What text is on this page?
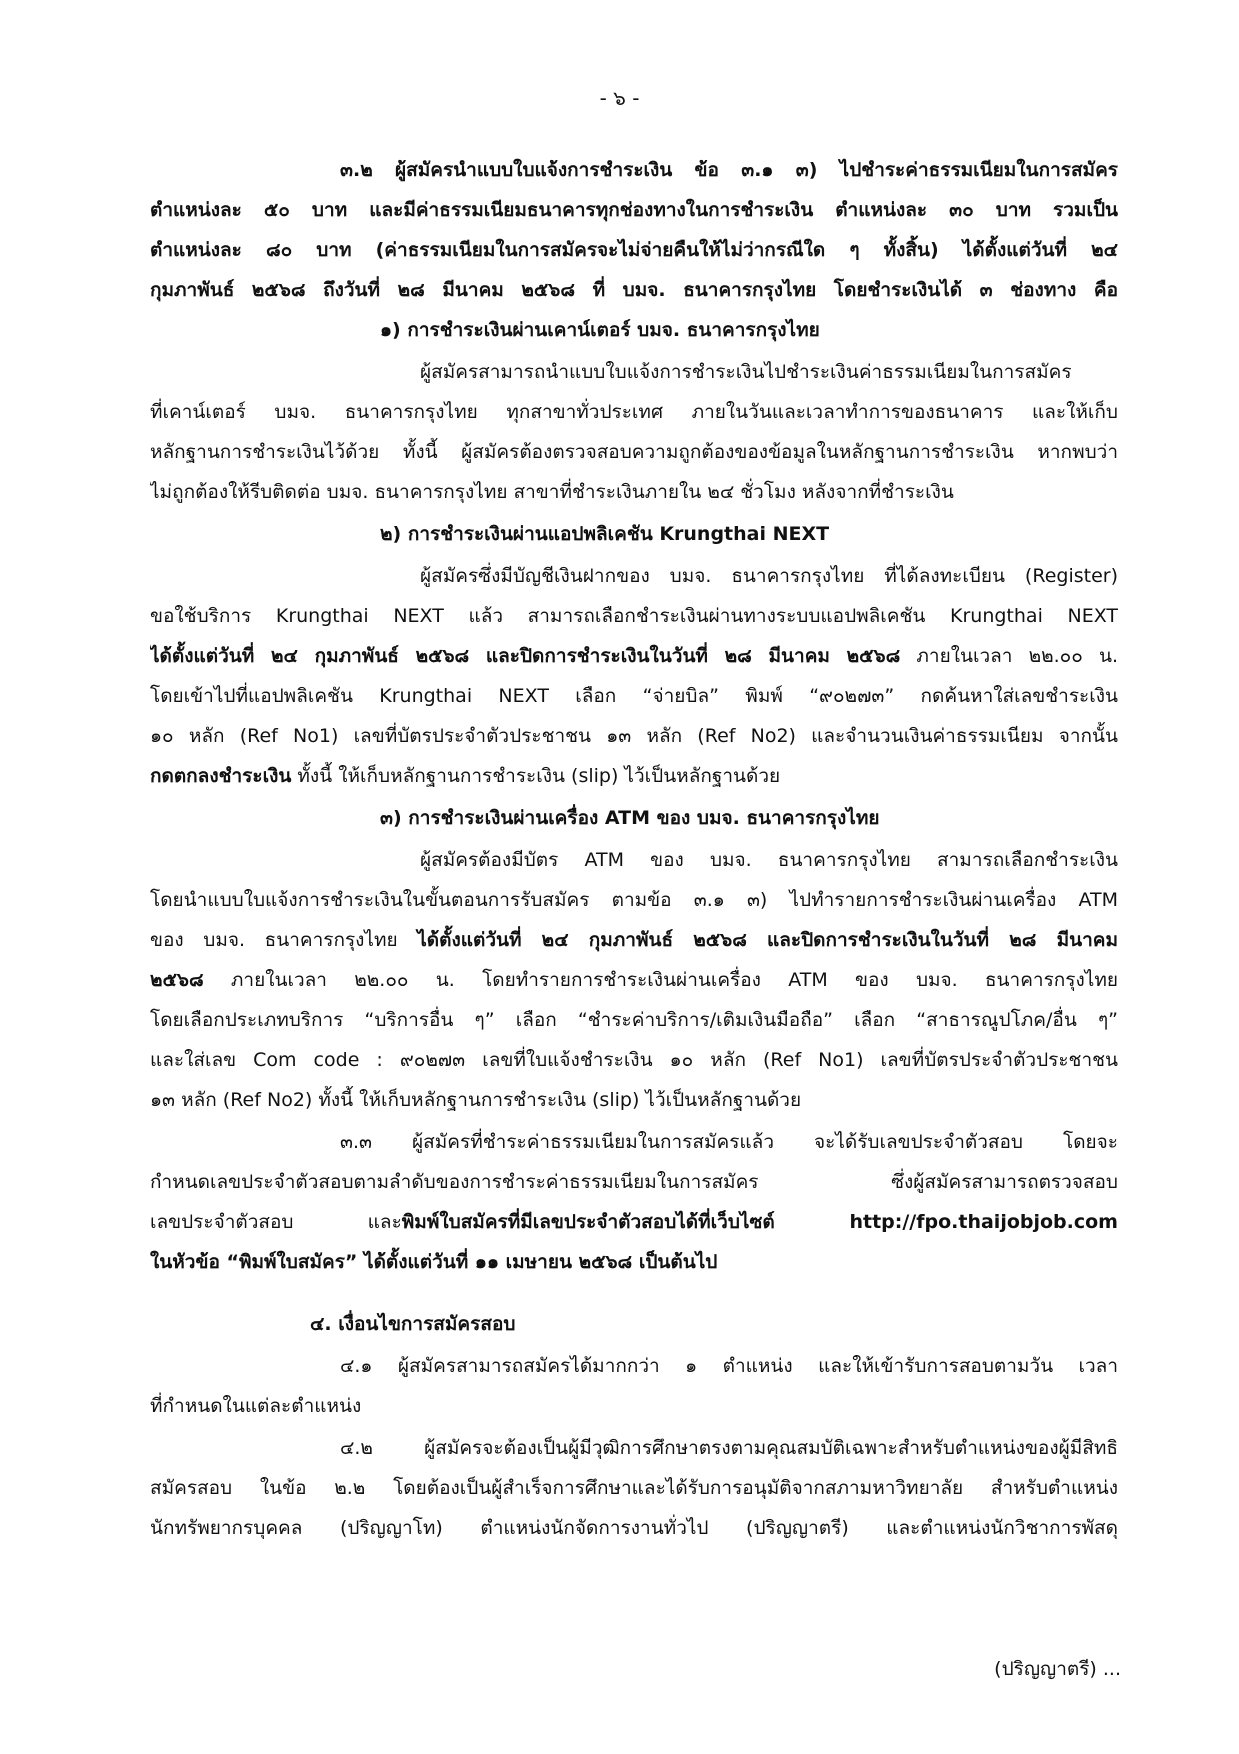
- ๖ -
๓.๒ ผู้สมัครนำแบบใบแจ้งการชำระเงิน ข้อ ๓.๑ ๓) ไปชำระค่าธรรมเนียมในการสมัคร
ตำแหน่งละ ๕๐ บาท และมีค่าธรรมเนียมธนาคารทุกช่องทางในการชำระเงิน ตำแหน่งละ ๓๐ บาท รวมเป็น
ตำแหน่งละ ๘๐ บาท (ค่าธรรมเนียมในการสมัครจะไม่จ่ายคืนให้ไม่ว่ากรณีใด ๆ ทั้งสิ้น) ได้ตั้งแต่วันที่ ๒๔
กุมภาพันธ์ ๒๕๖๘ ถึงวันที่ ๒๘ มีนาคม ๒๕๖๘ ที่ บมจ. ธนาคารกรุงไทย โดยชำระเงินได้ ๓ ช่องทาง คือ
๑) การชำระเงินผ่านเคาน์เตอร์ บมจ. ธนาคารกรุงไทย
ผู้สมัครสามารถนำแบบใบแจ้งการชำระเงินไปชำระเงินค่าธรรมเนียมในการสมัคร
ที่เคาน์เตอร์ บมจ. ธนาคารกรุงไทย ทุกสาขาทั่วประเทศ ภายในวันและเวลาทำการของธนาคาร และให้เก็บ
หลักฐานการชำระเงินไว้ด้วย ทั้งนี้ ผู้สมัครต้องตรวจสอบความถูกต้องของข้อมูลในหลักฐานการชำระเงิน หากพบว่า
ไม่ถูกต้องให้รีบติดต่อ บมจ. ธนาคารกรุงไทย สาขาที่ชำระเงินภายใน ๒๔ ชั่วโมง หลังจากที่ชำระเงิน
๒) การชำระเงินผ่านแอปพลิเคชัน Krungthai NEXT
ผู้สมัครซึ่งมีบัญชีเงินฝากของ บมจ. ธนาคารกรุงไทย ที่ได้ลงทะเบียน (Register)
ขอใช้บริการ Krungthai NEXT แล้ว สามารถเลือกชำระเงินผ่านทางระบบแอปพลิเคชัน Krungthai NEXT
ได้ตั้งแต่วันที่ ๒๔ กุมภาพันธ์ ๒๕๖๘ และปิดการชำระเงินในวันที่ ๒๘ มีนาคม ๒๕๖๘ ภายในเวลา ๒๒.๐๐ น.
โดยเข้าไปที่แอปพลิเคชัน Krungthai NEXT เลือก “จ่ายบิล” พิมพ์ “๙๐๒๗๓” กดค้นหาใส่เลขชำระเงิน
๑๐ หลัก (Ref No1) เลขที่บัตรประจำตัวประชาชน ๑๓ หลัก (Ref No2) และจำนวนเงินค่าธรรมเนียม จากนั้น
กดตกลงชำระเงิน ทั้งนี้ ให้เก็บหลักฐานการชำระเงิน (slip) ไว้เป็นหลักฐานด้วย
๓) การชำระเงินผ่านเครื่อง ATM ของ บมจ. ธนาคารกรุงไทย
ผู้สมัครต้องมีบัตร ATM ของ บมจ. ธนาคารกรุงไทย สามารถเลือกชำระเงิน
โดยนำแบบใบแจ้งการชำระเงินในขั้นตอนการรับสมัคร ตามข้อ ๓.๑ ๓) ไปทำรายการชำระเงินผ่านเครื่อง ATM
ของ บมจ. ธนาคารกรุงไทย ได้ตั้งแต่วันที่ ๒๔ กุมภาพันธ์ ๒๕๖๘ และปิดการชำระเงินในวันที่ ๒๘ มีนาคม
๒๕๖๘ ภายในเวลา ๒๒.๐๐ น. โดยทำรายการชำระเงินผ่านเครื่อง ATM ของ บมจ. ธนาคารกรุงไทย
โดยเลือกประเภทบริการ “บริการอื่น ๆ” เลือก “ชำระค่าบริการ/เติมเงินมือถือ” เลือก “สาธารณูปโภค/อื่น ๆ”
และใส่เลข Com code : ๙๐๒๗๓ เลขที่ใบแจ้งชำระเงิน ๑๐ หลัก (Ref No1) เลขที่บัตรประจำตัวประชาชน
๑๓ หลัก (Ref No2) ทั้งนี้ ให้เก็บหลักฐานการชำระเงิน (slip) ไว้เป็นหลักฐานด้วย
๓.๓ ผู้สมัครที่ชำระค่าธรรมเนียมในการสมัครแล้ว จะได้รับเลขประจำตัวสอบ โดยจะ
กำหนดเลขประจำตัวสอบตามลำดับของการชำระค่าธรรมเนียมในการสมัคร ซึ่งผู้สมัครสามารถตรวจสอบ
เลขประจำตัวสอบ และพิมพ์ใบสมัครที่มีเลขประจำตัวสอบได้ที่เว็บไซต์ http://fpo.thaijobjob.com
ในหัวข้อ “พิมพ์ใบสมัคร” ได้ตั้งแต่วันที่ ๑๑ เมษายน ๒๕๖๘ เป็นต้นไป
๔. เงื่อนไขการสมัครสอบ
๔.๑ ผู้สมัครสามารถสมัครได้มากกว่า ๑ ตำแหน่ง และให้เข้ารับการสอบตามวัน เวลา
ที่กำหนดในแต่ละตำแหน่ง
๔.๒ ผู้สมัครจะต้องเป็นผู้มีวุฒิการศึกษาตรงตามคุณสมบัติเฉพาะสำหรับตำแหน่งของผู้มีสิทธิ
สมัครสอบ ในข้อ ๒.๒ โดยต้องเป็นผู้สำเร็จการศึกษาและได้รับการอนุมัติจากสภามหาวิทยาลัย สำหรับตำแหน่ง
นักทรัพยากรบุคคล (ปริญญาโท) ตำแหน่งนักจัดการงานทั่วไป (ปริญญาตรี) และตำแหน่งนักวิชาการพัสดุ
(ปริญญาตรี) ...
